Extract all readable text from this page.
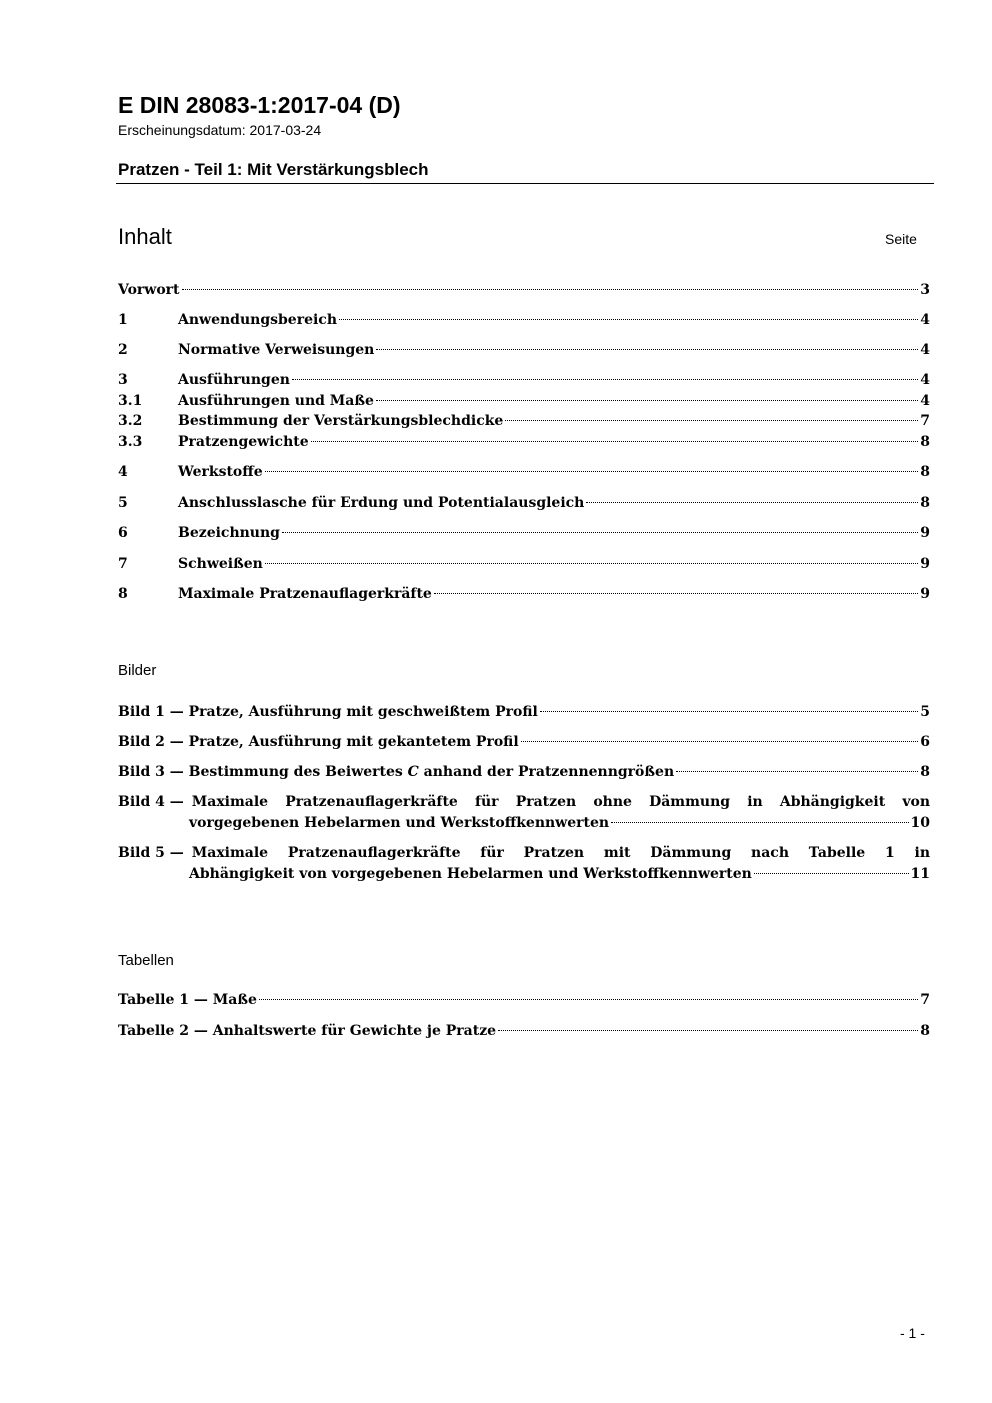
E DIN 28083-1:2017-04 (D)
Erscheinungsdatum: 2017-03-24
Pratzen - Teil 1: Mit Verstärkungsblech
Inhalt	Seite
Vorwort	3
1	Anwendungsbereich	4
2	Normative Verweisungen	4
3	Ausführungen	4
3.1	Ausführungen und Maße	4
3.2	Bestimmung der Verstärkungsblechdicke	7
3.3	Pratzengewichte	8
4	Werkstoffe	8
5	Anschlusslasche für Erdung und Potentialausgleich	8
6	Bezeichnung	9
7	Schweißen	9
8	Maximale Pratzenauflagerkräfte	9
Bilder
Bild 1 — Pratze, Ausführung mit geschweißtem Profil	5
Bild 2 — Pratze, Ausführung mit gekantetem Profil	6
Bild 3 — Bestimmung des Beiwertes C anhand der Pratzennenngrößen	8
Bild 4 — Maximale Pratzenauflagerkräfte für Pratzen ohne Dämmung in Abhängigkeit von
vorgegebenen Hebelarmen und Werkstoffkennwerten	10
Bild 5 — Maximale Pratzenauflagerkräfte für Pratzen mit Dämmung nach Tabelle 1 in
Abhängigkeit von vorgegebenen Hebelarmen und Werkstoffkennwerten	11
Tabellen
Tabelle 1 — Maße	7
Tabelle 2 — Anhaltswerte für Gewichte je Pratze	8
- 1 -
